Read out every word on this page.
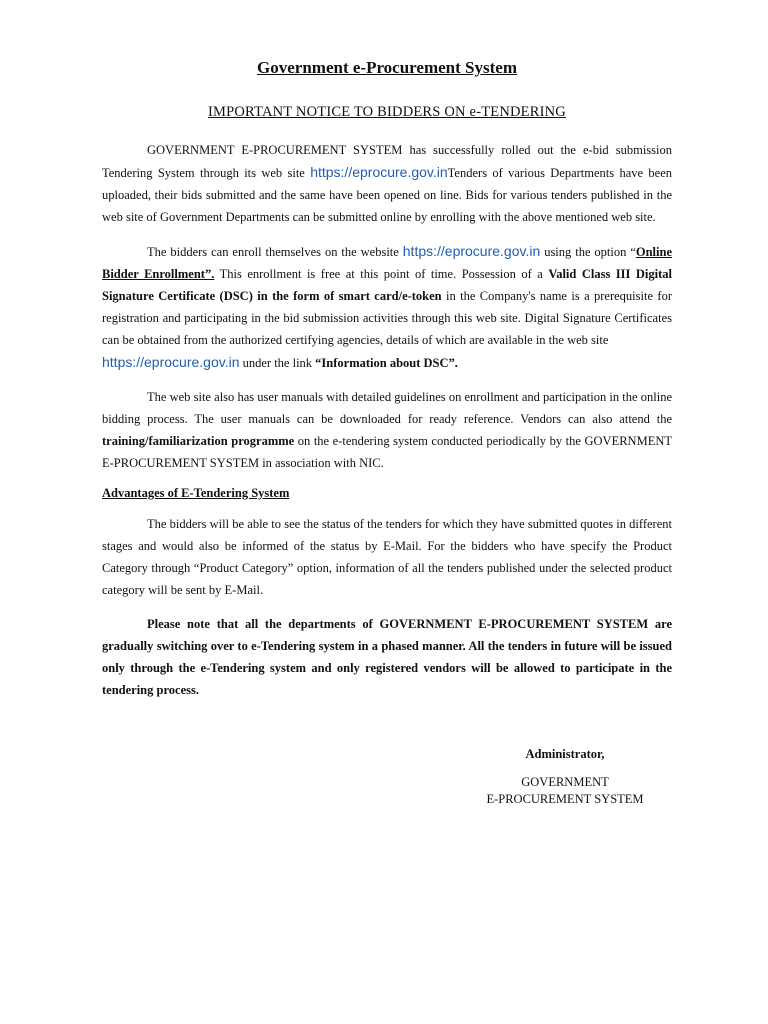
Government e-Procurement System
IMPORTANT NOTICE TO BIDDERS ON e-TENDERING

GOVERNMENT E-PROCUREMENT SYSTEM has successfully rolled out the e-bid submission Tendering System through its web site https://eprocure.gov.inTenders of various Departments have been uploaded, their bids submitted and the same have been opened on line. Bids for various tenders published in the web site of Government Departments can be submitted online by enrolling with the above mentioned web site.

The bidders can enroll themselves on the website https://eprocure.gov.in using the option “Online Bidder Enrollment”. This enrollment is free at this point of time. Possession of a Valid Class III Digital Signature Certificate (DSC) in the form of smart card/e-token in the Company's name is a prerequisite for registration and participating in the bid submission activities through this web site. Digital Signature Certificates can be obtained from the authorized certifying agencies, details of which are available in the web site
https://eprocure.gov.in under the link “Information about DSC”.

The web site also has user manuals with detailed guidelines on enrollment and participation in the online bidding process. The user manuals can be downloaded for ready reference. Vendors can also attend the training/familiarization programme on the e-tendering system conducted periodically by the GOVERNMENT E-PROCUREMENT SYSTEM in association with NIC.

Advantages of E-Tendering System

The bidders will be able to see the status of the tenders for which they have submitted quotes in different stages and would also be informed of the status by E-Mail. For the bidders who have specify the Product Category through “Product Category” option, information of all the tenders published under the selected product category will be sent by E-Mail.

Please note that all the departments of GOVERNMENT E-PROCUREMENT SYSTEM are gradually switching over to e-Tendering system in a phased manner. All the tenders in future will be issued only through the e-Tendering system and only registered vendors will be allowed to participate in the tendering process.

Administrator,
GOVERNMENT
E-PROCUREMENT SYSTEM
